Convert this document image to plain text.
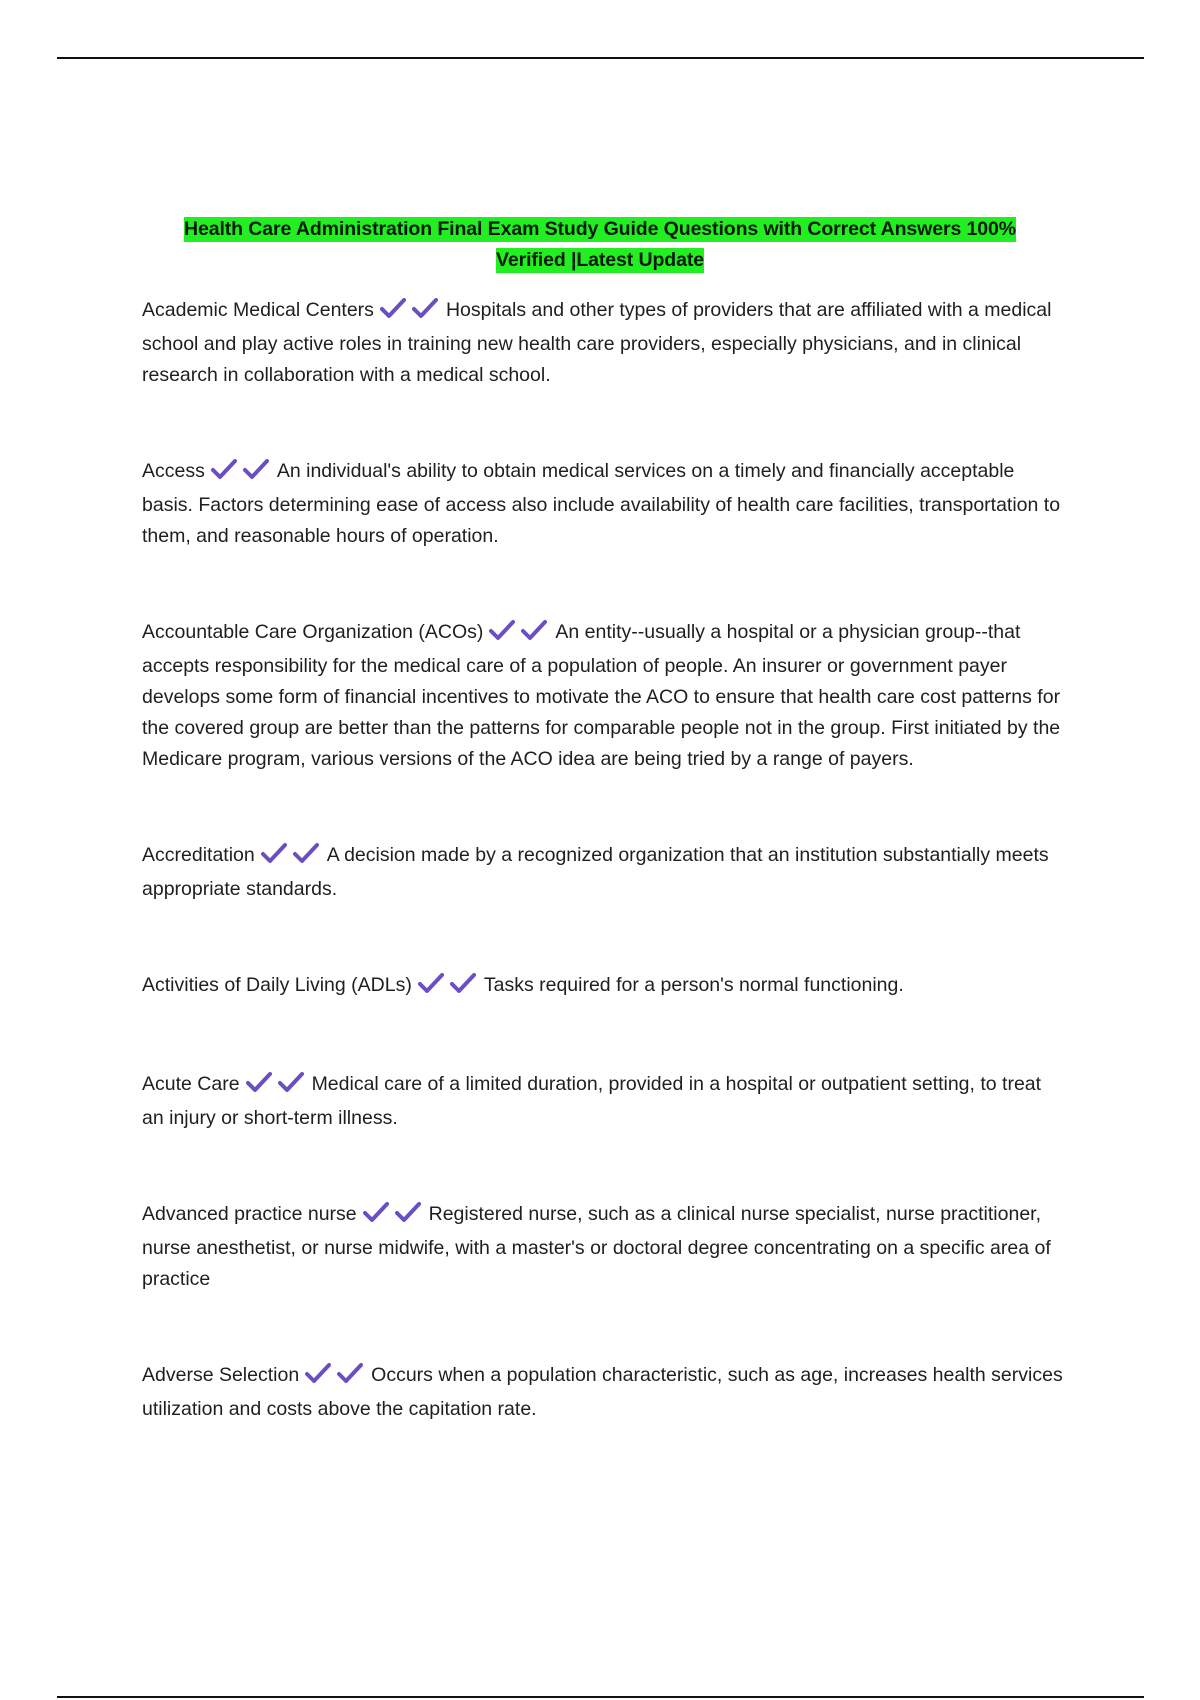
Health Care Administration Final Exam Study Guide Questions with Correct Answers 100%
Verified |Latest Update
Academic Medical Centers	Hospitals and other types of providers that are affiliated with a medical school and play active roles in training new health care providers, especially physicians, and in clinical research in collaboration with a medical school.
Access	An individual's ability to obtain medical services on a timely and financially acceptable basis. Factors determining ease of access also include availability of health care facilities, transportation to them, and reasonable hours of operation.
Accountable Care Organization (ACOs)	An entity--usually a hospital or a physician group--that accepts responsibility for the medical care of a population of people. An insurer or government payer develops some form of financial incentives to motivate the ACO to ensure that health care cost patterns for the covered group are better than the patterns for comparable people not in the group. First initiated by the Medicare program, various versions of the ACO idea are being tried by a range of payers.
Accreditation	A decision made by a recognized organization that an institution substantially meets appropriate standards.
Activities of Daily Living (ADLs)	Tasks required for a person's normal functioning.
Acute Care	Medical care of a limited duration, provided in a hospital or outpatient setting, to treat an injury or short-term illness.
Advanced practice nurse	Registered nurse, such as a clinical nurse specialist, nurse practitioner, nurse anesthetist, or nurse midwife, with a master's or doctoral degree concentrating on a specific area of practice
Adverse Selection	Occurs when a population characteristic, such as age, increases health services utilization and costs above the capitation rate.
